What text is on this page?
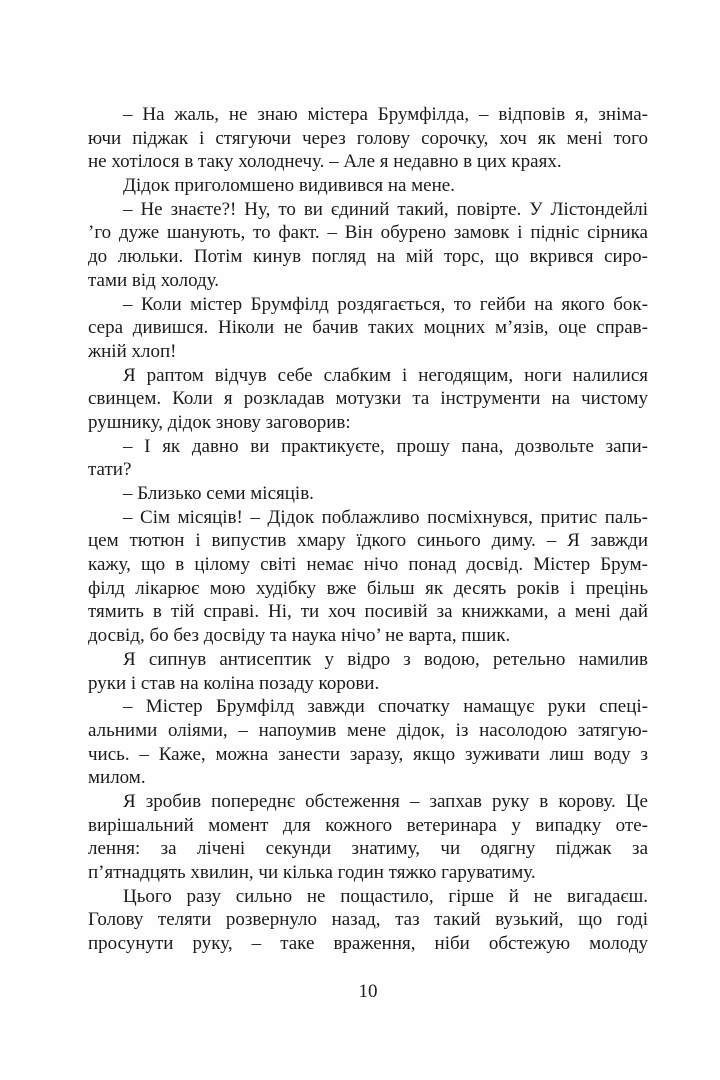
– На жаль, не знаю містера Брумфілда, – відповів я, зніма-
ючи піджак і стягуючи через голову сорочку, хоч як мені того
не хотілося в таку холоднечу. – Але я недавно в цих краях.
Дідок приголомшено видивився на мене.
– Не знаєте?! Ну, то ви єдиний такий, повірте. У Лістондейлі
’го дуже шанують, то факт. – Він обурено замовк і підніс сірника
до люльки. Потім кинув погляд на мій торс, що вкрився сиро-
тами від холоду.
– Коли містер Брумфілд роздягається, то гейби на якого бок-
сера дивишся. Ніколи не бачив таких моцних м’язів, оце справ-
жній хлоп!
Я раптом відчув себе слабким і негодящим, ноги налилися
свинцем. Коли я розкладав мотузки та інструменти на чистому
рушнику, дідок знову заговорив:
– І як давно ви практикуєте, прошу пана, дозвольте запи-
тати?
– Близько семи місяців.
– Сім місяців! – Дідок поблажливо посміхнувся, притис паль-
цем тютюн і випустив хмару їдкого синього диму. – Я завжди
кажу, що в цілому світі немає нічо понад досвід. Містер Брум-
філд лікарює мою худібку вже більш як десять років і прецінь
тямить в тій справі. Ні, ти хоч посивій за книжками, а мені дай
досвід, бо без досвіду та наука нічо’ не варта, пшик.
Я сипнув антисептик у відро з водою, ретельно намилив
руки і став на коліна позаду корови.
– Містер Брумфілд завжди спочатку намащує руки спеці-
альними оліями, – напоумив мене дідок, із насолодою затягую-
чись. – Каже, можна занести заразу, якщо зуживати лиш воду з
милом.
Я зробив попереднє обстеження – запхав руку в корову. Це
вирішальний момент для кожного ветеринара у випадку оте-
лення: за лічені секунди знатиму, чи одягну піджак за
п’ятнадцять хвилин, чи кілька годин тяжко гаруватиму.
Цього разу сильно не пощастило, гірше й не вигадаєш.
Голову теляти розвернуло назад, таз такий вузький, що годі
просунути руку, – таке враження, ніби обстежую молоду
10
